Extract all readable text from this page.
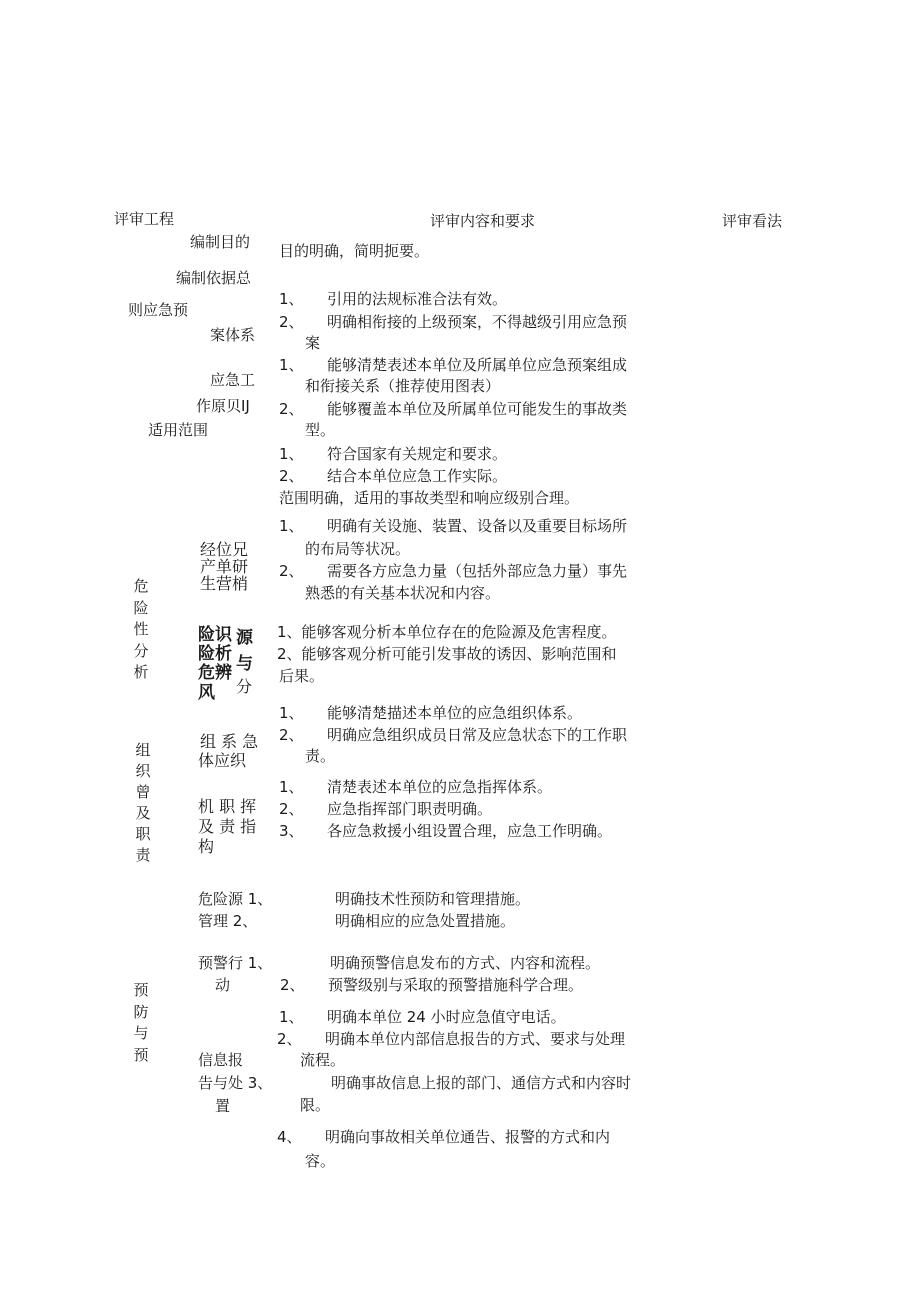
评审工程	评审内容和要求	评审看法
编制目的
编制依据总
则应急预
案体系
应急工
作原贝IJ
适用范围
目的明确，简明扼要。
1、 引用的法规标准合法有效。
2、 明确相衔接的上级预案，不得越级引用应急预
案
1、 能够清楚表述本单位及所属单位应急预案组成
和衔接关系（推荐使用图表）
2、 能够覆盖本单位及所属单位可能发生的事故类
型。
1、 符合国家有关规定和要求。
2、 结合本单位应急工作实际。
范围明确，适用的事故类型和响应级别合理。
危险性分析
经位兄
产单研
生营梢
险识 源
险析 与
危辨
分
风
1、 明确有关设施、装置、设备以及重要目标场所
的布局等状况。
2、 需要各方应急力量（包括外部应急力量）事先
熟悉的有关基本状况和内容。
1、能够客观分析本单位存在的危险源及危害程度。
2、能够客观分析可能引发事故的诱因、影响范围和
后果。
组织曾及职责
组 系 急
体应织
机 职 挥
及 责 指
构
1、 能够清楚描述本单位的应急组织体系。
2、 明确应急组织成员日常及应急状态下的工作职
责。
1、 清楚表述本单位的应急指挥体系。
2、 应急指挥部门职责明确。
3、 各应急救援小组设置合理，应急工作明确。
预防与预
危险源 1、
管理 2、
明确技术性预防和管理措施。
明确相应的应急处置措施。
预警行 1、
动
明确预警信息发布的方式、内容和流程。
2、 预警级别与采取的预警措施科学合理。
信息报
告与处 3、
置
1、 明确本单位 24 小时应急值守电话。
2、 明确本单位内部信息报告的方式、要求与处理
流程。
明确事故信息上报的部门、通信方式和内容时
限。
4、 明确向事故相关单位通告、报警的方式和内
容。
